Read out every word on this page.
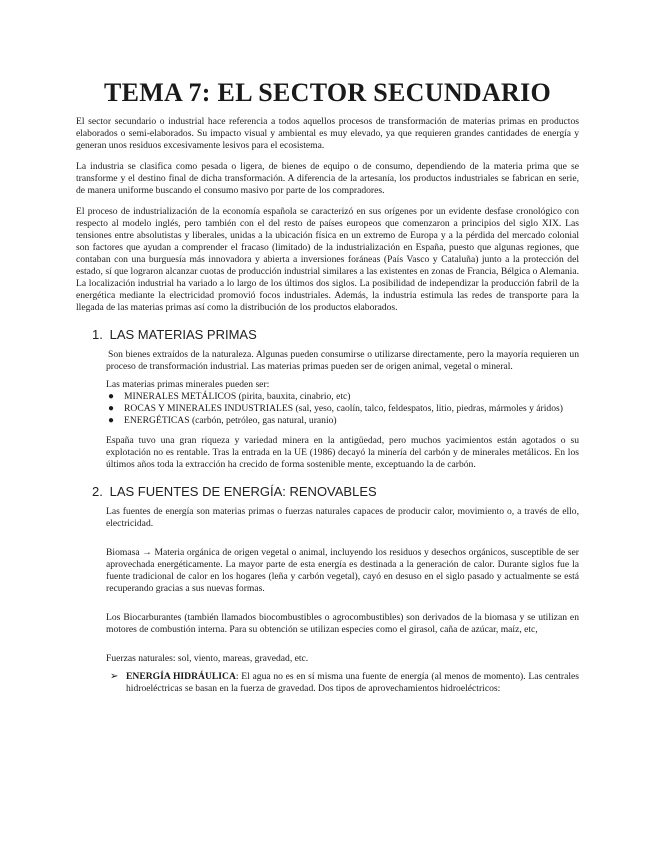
TEMA 7: EL SECTOR SECUNDARIO

El sector secundario o industrial hace referencia a todos aquellos procesos de transformación de materias primas en productos elaborados o semi-elaborados. Su impacto visual y ambiental es muy elevado, ya que requieren grandes cantidades de energía y generan unos residuos excesivamente lesivos para el ecosistema.

La industria se clasifica como pesada o ligera, de bienes de equipo o de consumo, dependiendo de la materia prima que se transforme y el destino final de dicha transformación. A diferencia de la artesanía, los productos industriales se fabrican en serie, de manera uniforme buscando el consumo masivo por parte de los compradores.

El proceso de industrialización de la economía española se caracterizó en sus orígenes por un evidente desfase cronológico con respecto al modelo inglés, pero también con el del resto de países europeos que comenzaron a principios del siglo XIX. Las tensiones entre absolutistas y liberales, unidas a la ubicación física en un extremo de Europa y a la pérdida del mercado colonial son factores que ayudan a comprender el fracaso (limitado) de la industrialización en España, puesto que algunas regiones, que contaban con una burguesía más innovadora y abierta a inversiones foráneas (País Vasco y Cataluña) junto a la protección del estado, sí que lograron alcanzar cuotas de producción industrial similares a las existentes en zonas de Francia, Bélgica o Alemania. La localización industrial ha variado a lo largo de los últimos dos siglos. La posibilidad de independizar la producción fabril de la energética mediante la electricidad promovió focos industriales. Además, la industria estimula las redes de transporte para la llegada de las materias primas así como la distribución de los productos elaborados.

1. LAS MATERIAS PRIMAS

Son bienes extraídos de la naturaleza. Algunas pueden consumirse o utilizarse directamente, pero la mayoría requieren un proceso de transformación industrial. Las materias primas pueden ser de origen animal, vegetal o mineral.

Las materias primas minerales pueden ser:

● MINERALES METÁLICOS (pirita, bauxita, cinabrio, etc)
● ROCAS Y MINERALES INDUSTRIALES (sal, yeso, caolín, talco, feldespatos, litio, piedras, mármoles y áridos)
● ENERGÉTICAS (carbón, petróleo, gas natural, uranio)

España tuvo una gran riqueza y variedad minera en la antigüedad, pero muchos yacimientos están agotados o su explotación no es rentable. Tras la entrada en la UE (1986) decayó la minería del carbón y de minerales metálicos. En los últimos años toda la extracción ha crecido de forma sostenible mente, exceptuando la de carbón.

2. LAS FUENTES DE ENERGÍA: RENOVABLES

Las fuentes de energía son materias primas o fuerzas naturales capaces de producir calor, movimiento o, a través de ello, electricidad.

Biomasa → Materia orgánica de origen vegetal o animal, incluyendo los residuos y desechos orgánicos, susceptible de ser aprovechada energéticamente. La mayor parte de esta energía es destinada a la generación de calor. Durante siglos fue la fuente tradicional de calor en los hogares (leña y carbón vegetal), cayó en desuso en el siglo pasado y actualmente se está recuperando gracias a sus nuevas formas.

Los Biocarburantes (también llamados biocombustibles o agrocombustibles) son derivados de la biomasa y se utilizan en motores de combustión interna. Para su obtención se utilizan especies como el girasol, caña de azúcar, maíz, etc,

Fuerzas naturales: sol, viento, mareas, gravedad, etc.

➢ ENERGÍA HIDRÁULICA: El agua no es en sí misma una fuente de energía (al menos de momento). Las centrales hidroeléctricas se basan en la fuerza de gravedad. Dos tipos de aprovechamientos hidroeléctricos:
